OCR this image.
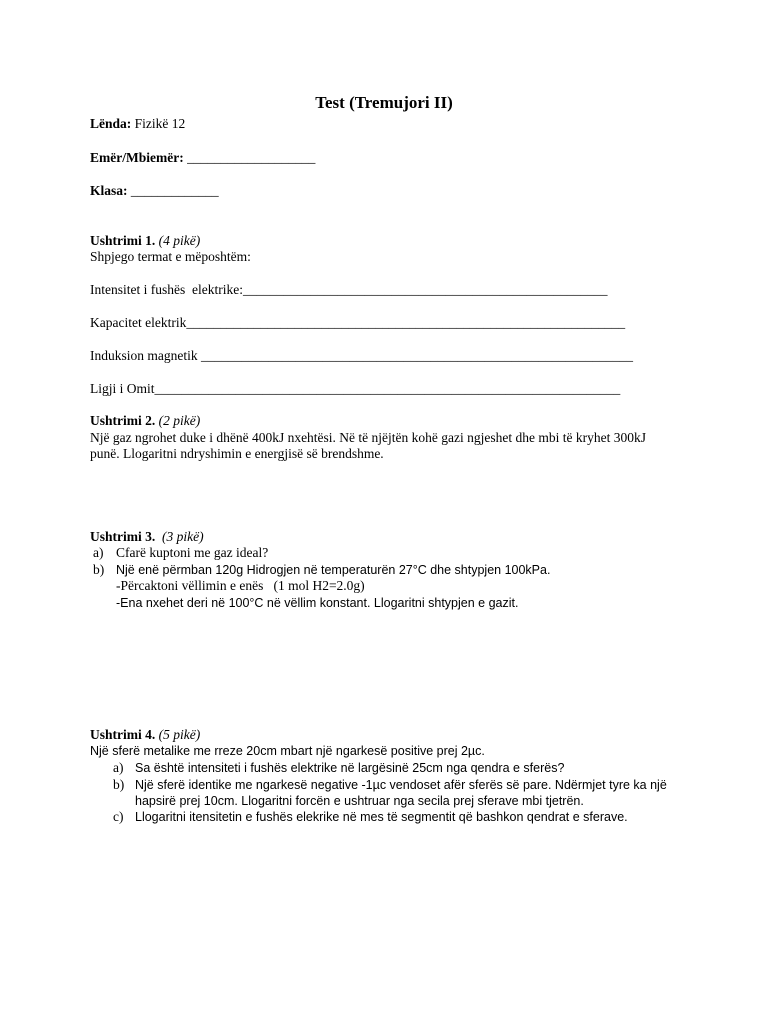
Test (Tremujori II)
Lënda: Fizikë 12
Emër/Mbiemër: ___________________
Klasa: _____________
Ushtrimi 1. (4 pikë)
Shpjego termat e mëposhtëm:
Intensitet i fushës  elektrike:______________________________________________________
Kapacitet elektrik_________________________________________________________________
Induksion magnetik ________________________________________________________________
Ligji i Omit_____________________________________________________________________
Ushtrimi 2. (2 pikë)
Një gaz ngrohet duke i dhënë 400kJ nxehtësi. Në të njëjtën kohë gazi ngjeshet dhe mbi të kryhet 300kJ
punë. Llogaritni ndryshimin e energjisë së brendshme.
Ushtrimi 3.  (3 pikë)
a) Cfarë kuptoni me gaz ideal?
b) Një enë përmban 120g Hidrogjen në temperaturën 27°C dhe shtypjen 100kPa.
-Përcaktoni vëllimin e enës   (1 mol H2=2.0g)
-Ena nxehet deri në 100°C në vëllim konstant. Llogaritni shtypjen e gazit.
Ushtrimi 4. (5 pikë)
Një sferë metalike me rreze 20cm mbart një ngarkesë positive prej 2µc.
a) Sa është intensiteti i fushës elektrike në largësinë 25cm nga qendra e sferës?
b) Një sferë identike me ngarkesë negative -1µc vendoset afër sferës së pare. Ndërmjet tyre ka një
hapsirë prej 10cm. Llogaritni forcën e ushtruar nga secila prej sferave mbi tjetrën.
c) Llogaritni itensitetin e fushës elekrike në mes të segmentit që bashkon qendrat e sferave.
